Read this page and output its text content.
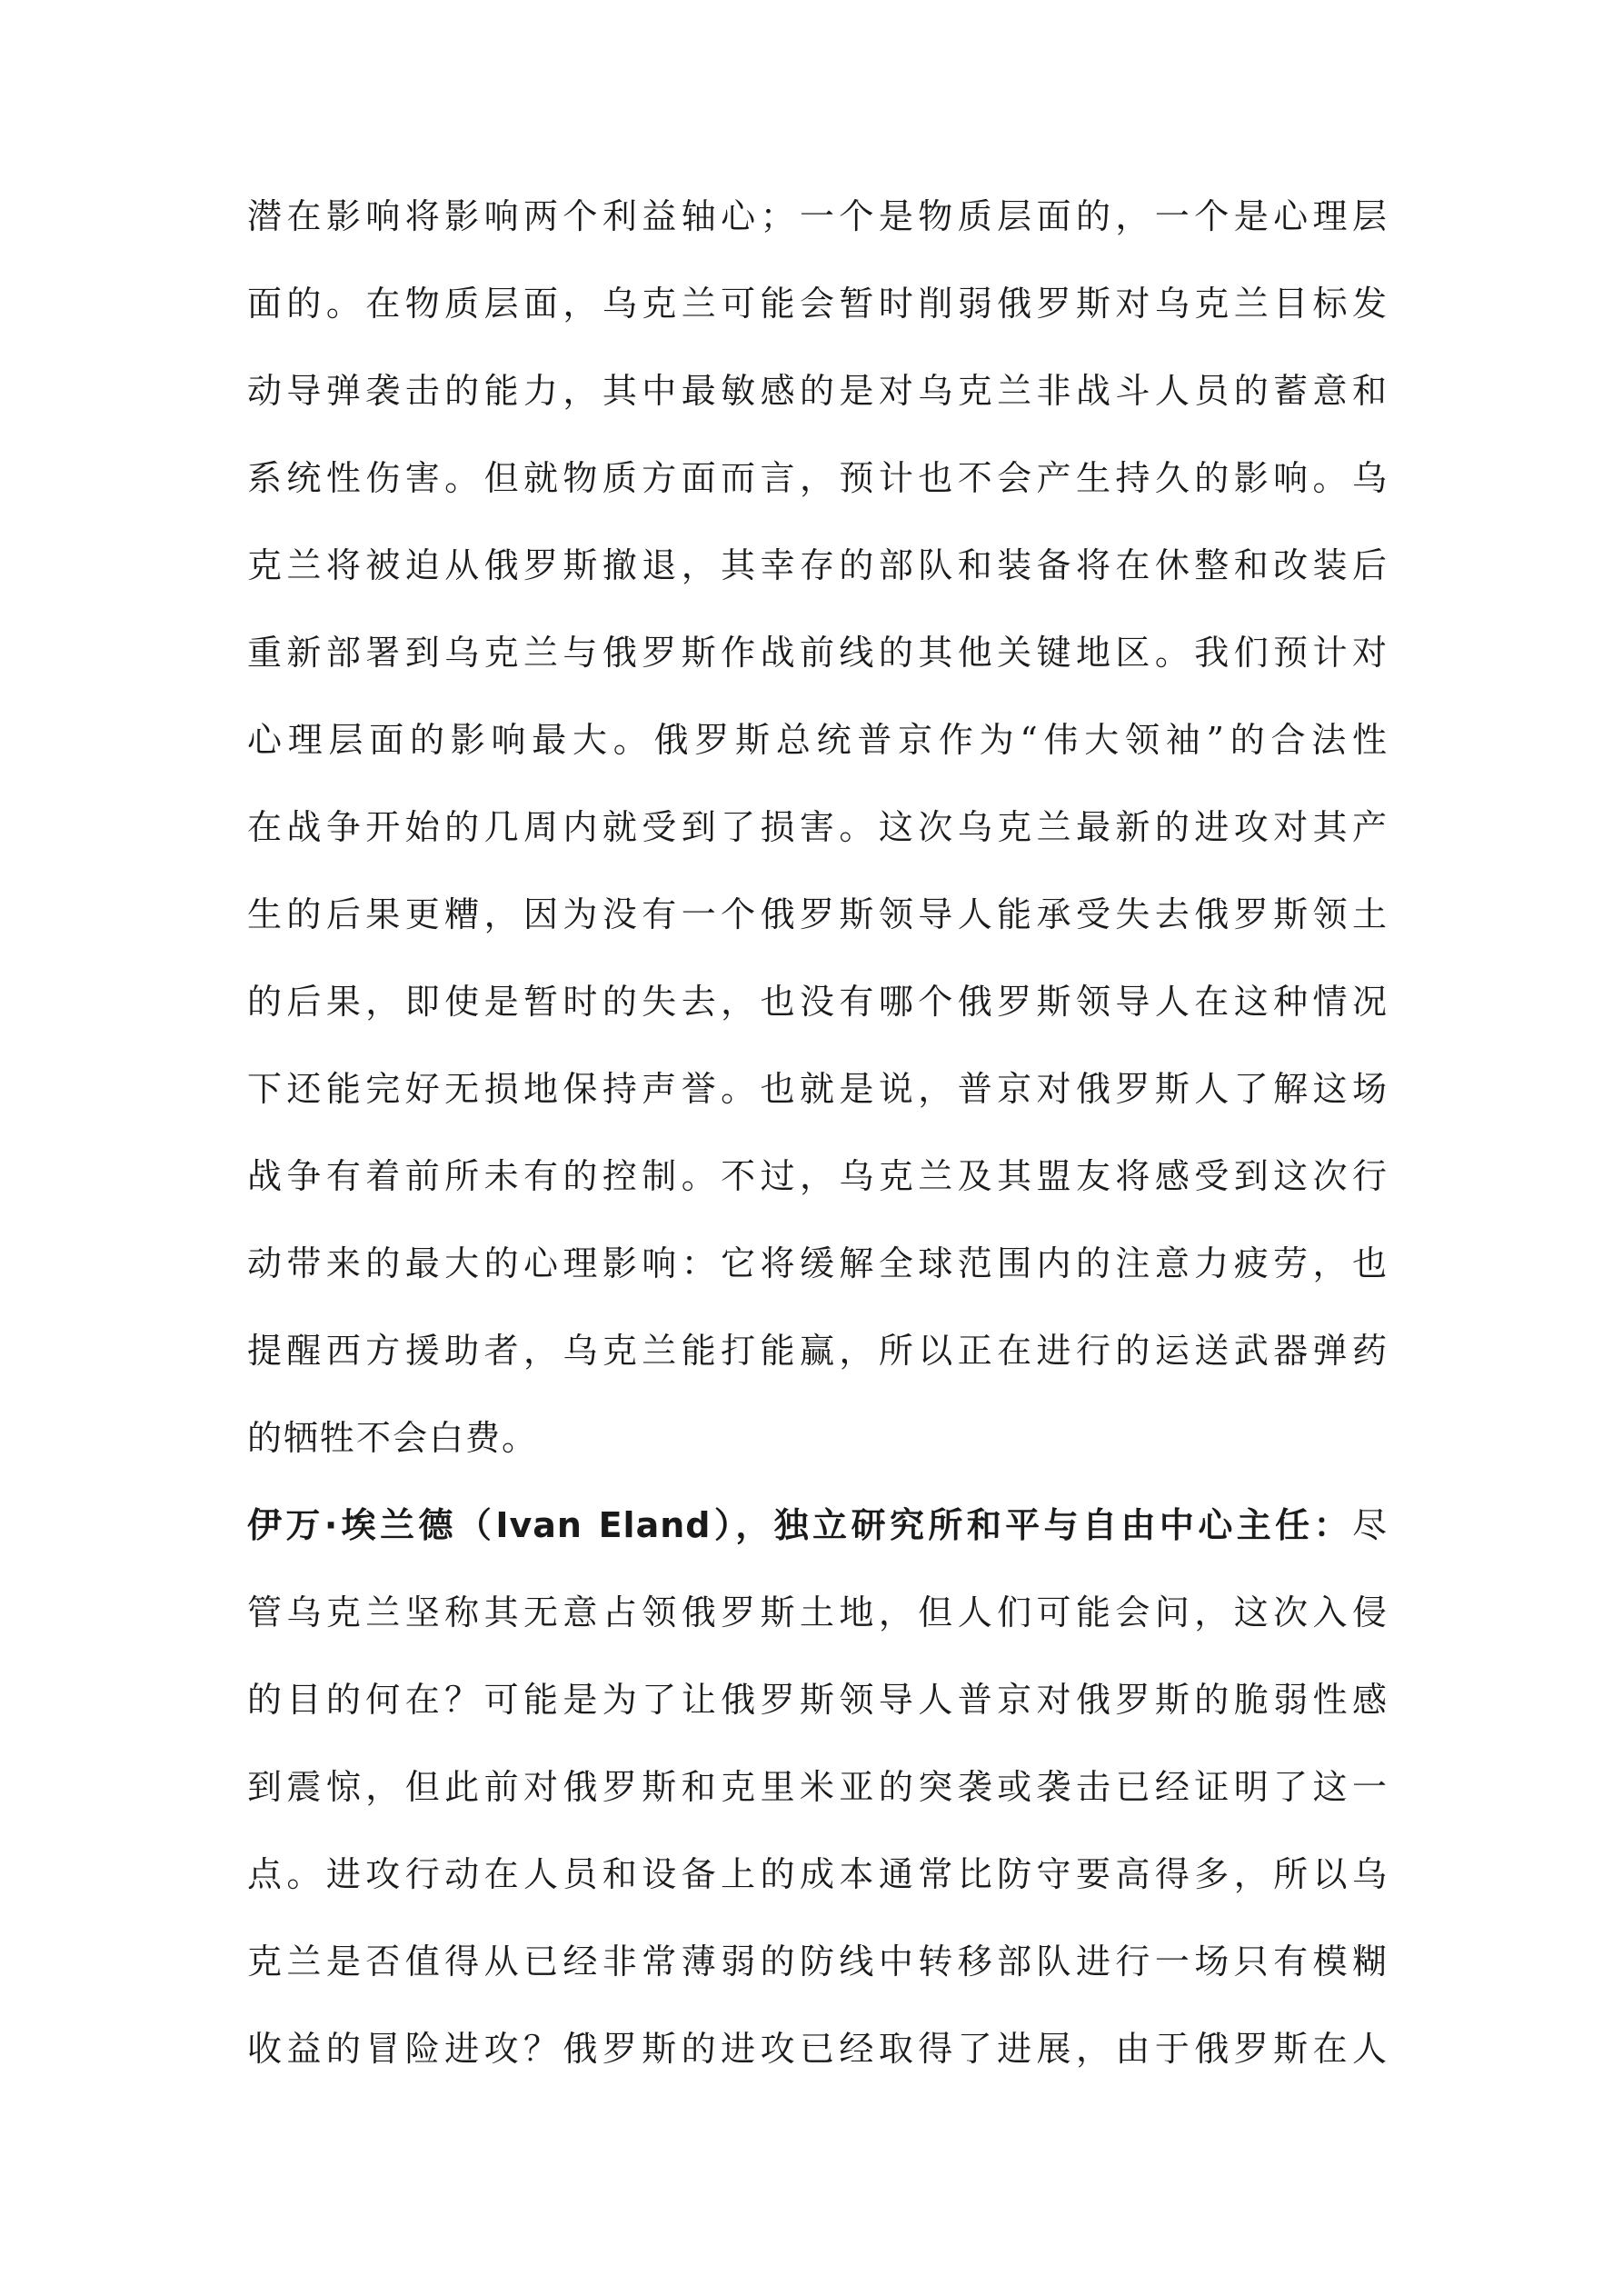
潜在影响将影响两个利益轴心；一个是物质层面的，一个是心理层
面的。在物质层面，乌克兰可能会暂时削弱俄罗斯对乌克兰目标发
动导弹袭击的能力，其中最敏感的是对乌克兰非战斗人员的蓄意和
系统性伤害。但就物质方面而言，预计也不会产生持久的影响。乌
克兰将被迫从俄罗斯撤退，其幸存的部队和装备将在休整和改装后
重新部署到乌克兰与俄罗斯作战前线的其他关键地区。我们预计对
心理层面的影响最大。俄罗斯总统普京作为“伟大领袖”的合法性
在战争开始的几周内就受到了损害。这次乌克兰最新的进攻对其产
生的后果更糟，因为没有一个俄罗斯领导人能承受失去俄罗斯领土
的后果，即使是暂时的失去，也没有哪个俄罗斯领导人在这种情况
下还能完好无损地保持声誉。也就是说，普京对俄罗斯人了解这场
战争有着前所未有的控制。不过，乌克兰及其盟友将感受到这次行
动带来的最大的心理影响：它将缓解全球范围内的注意力疲劳，也
提醒西方援助者，乌克兰能打能赢，所以正在进行的运送武器弹药
的牺牲不会白费。
伊万·埃兰德（Ivan Eland），独立研究所和平与自由中心主任：尽
管乌克兰坚称其无意占领俄罗斯土地，但人们可能会问，这次入侵
的目的何在？可能是为了让俄罗斯领导人普京对俄罗斯的脆弱性感
到震惊，但此前对俄罗斯和克里米亚的突袭或袭击已经证明了这一
点。进攻行动在人员和设备上的成本通常比防守要高得多，所以乌
克兰是否值得从已经非常薄弱的防线中转移部队进行一场只有模糊
收益的冒险进攻？俄罗斯的进攻已经取得了进展，由于俄罗斯在人
